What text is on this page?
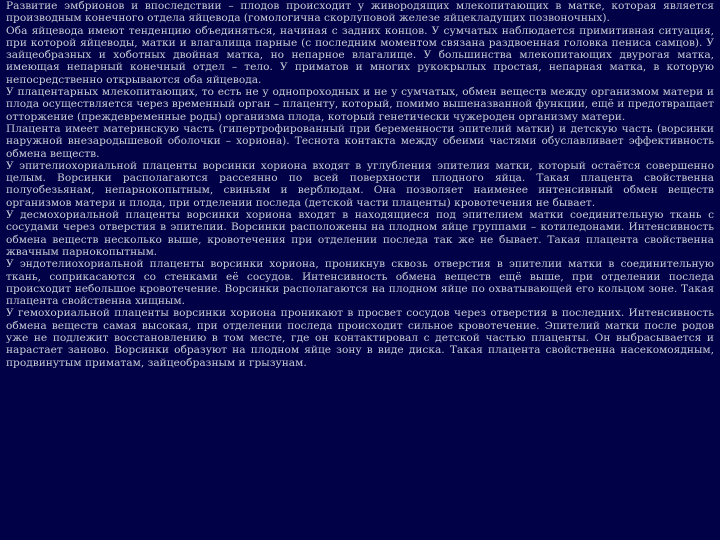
Развитие эмбрионов и впоследствии – плодов происходит у живородящих млекопитающих в матке, которая является производным конечного отдела яйцевода (гомологична скорлуповой железе яйцекладущих позвоночных).

Оба яйцевода имеют тенденцию объединяться, начиная с задних концов. У сумчатых наблюдается примитивная ситуация, при которой яйцеводы, матки и влагалища парные (с последним моментом связана раздвоенная головка пениса самцов). У зайцеобразных и хоботных двойная матка, но непарное влагалище. У большинства млекопитающих двурогая матка, имеющая непарный конечный отдел – тело. У приматов и многих рукокрылых простая, непарная матка, в которую непосредственно открываются оба яйцевода.

У плацентарных млекопитающих, то есть не у однопроходных и не у сумчатых, обмен веществ между организмом матери и плода осуществляется через временный орган – плаценту, который, помимо вышеназванной функции, ещё и предотвращает отторжение (преждевременные роды) организма плода, который генетически чужероден организму матери.

Плацента имеет материнскую часть (гипертрофированный при беременности эпителий матки) и детскую часть (ворсинки наружной внезародышевой оболочки – хориона). Теснота контакта между обеими частями обуславливает эффективность обмена веществ.

У эпителиохориальной плаценты ворсинки хориона входят в углубления эпителия матки, который остаётся совершенно целым. Ворсинки располагаются рассеянно по всей поверхности плодного яйца. Такая плацента свойственна полуобезьянам, непарнокопытным, свиньям и верблюдам. Она позволяет наименее интенсивный обмен веществ организмов матери и плода, при отделении последа (детской части плаценты) кровотечения не бывает.

У десмохориальной плаценты ворсинки хориона входят в находящиеся под эпителием матки соединительную ткань с сосудами через отверстия в эпителии. Ворсинки расположены на плодном яйце группами – котиледонами. Интенсивность обмена веществ несколько выше, кровотечения при отделении последа так же не бывает. Такая плацента свойственна жвачным парнокопытным.

У эндотелиохориальной плаценты ворсинки хориона, проникнув сквозь отверстия в эпителии матки в соединительную ткань, соприкасаются со стенками её сосудов. Интенсивность обмена веществ ещё выше, при отделении последа происходит небольшое кровотечение. Ворсинки располагаются на плодном яйце по охватывающей его кольцом зоне. Такая плацента свойственна хищным.

У гемохориальной плаценты ворсинки хориона проникают в просвет сосудов через отверстия в последних. Интенсивность обмена веществ самая высокая, при отделении последа происходит сильное кровотечение. Эпителий матки после родов уже не подлежит восстановлению в том месте, где он контактировал с детской частью плаценты. Он выбрасывается и нарастает заново. Ворсинки образуют на плодном яйце зону в виде диска. Такая плацента свойственна насекомоядным, продвинутым приматам, зайцеобразным и грызунам.
